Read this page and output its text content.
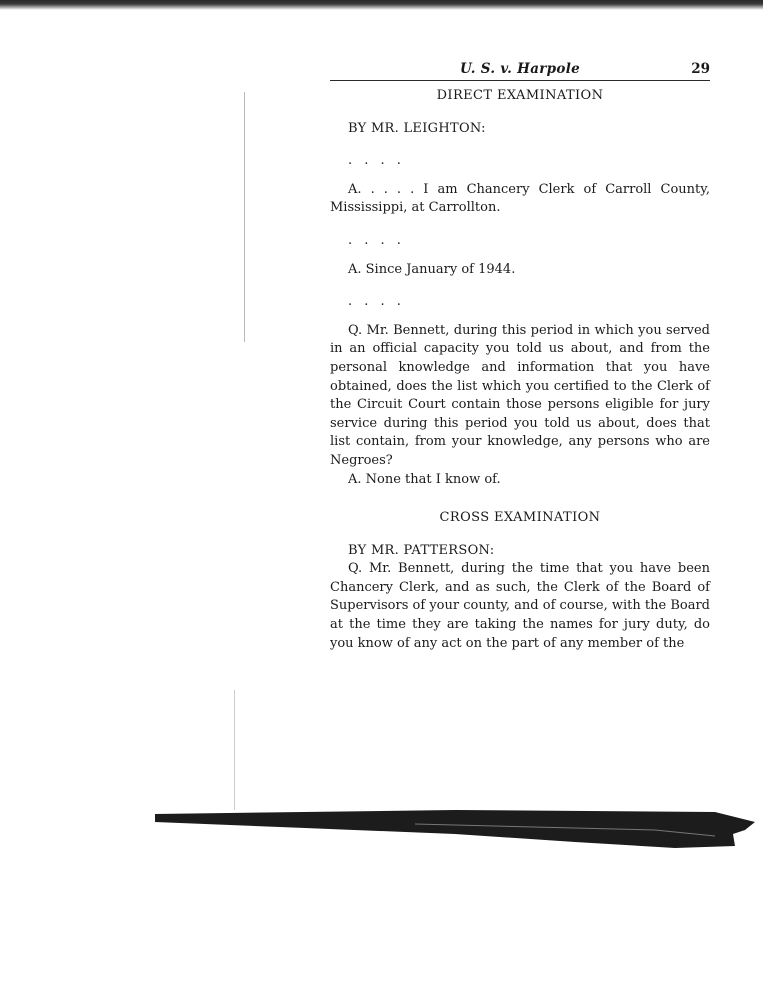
U. S. v. Harpole	29
DIRECT EXAMINATION

BY MR. LEIGHTON:

. . . .

A. . . . . I am Chancery Clerk of Carroll County, Mississippi, at Carrollton.

. . . .

A. Since January of 1944.

. . . .

Q. Mr. Bennett, during this period in which you served in an official capacity you told us about, and from the personal knowledge and information that you have obtained, does the list which you certified to the Clerk of the Circuit Court contain those persons eligible for jury service during this period you told us about, does that list contain, from your knowledge, any persons who are Negroes?

A. None that I know of.

CROSS EXAMINATION

BY MR. PATTERSON:

Q. Mr. Bennett, during the time that you have been Chancery Clerk, and as such, the Clerk of the Board of Supervisors of your county, and of course, with the Board at the time they are taking the names for jury duty, do you know of any act on the part of any member of the
